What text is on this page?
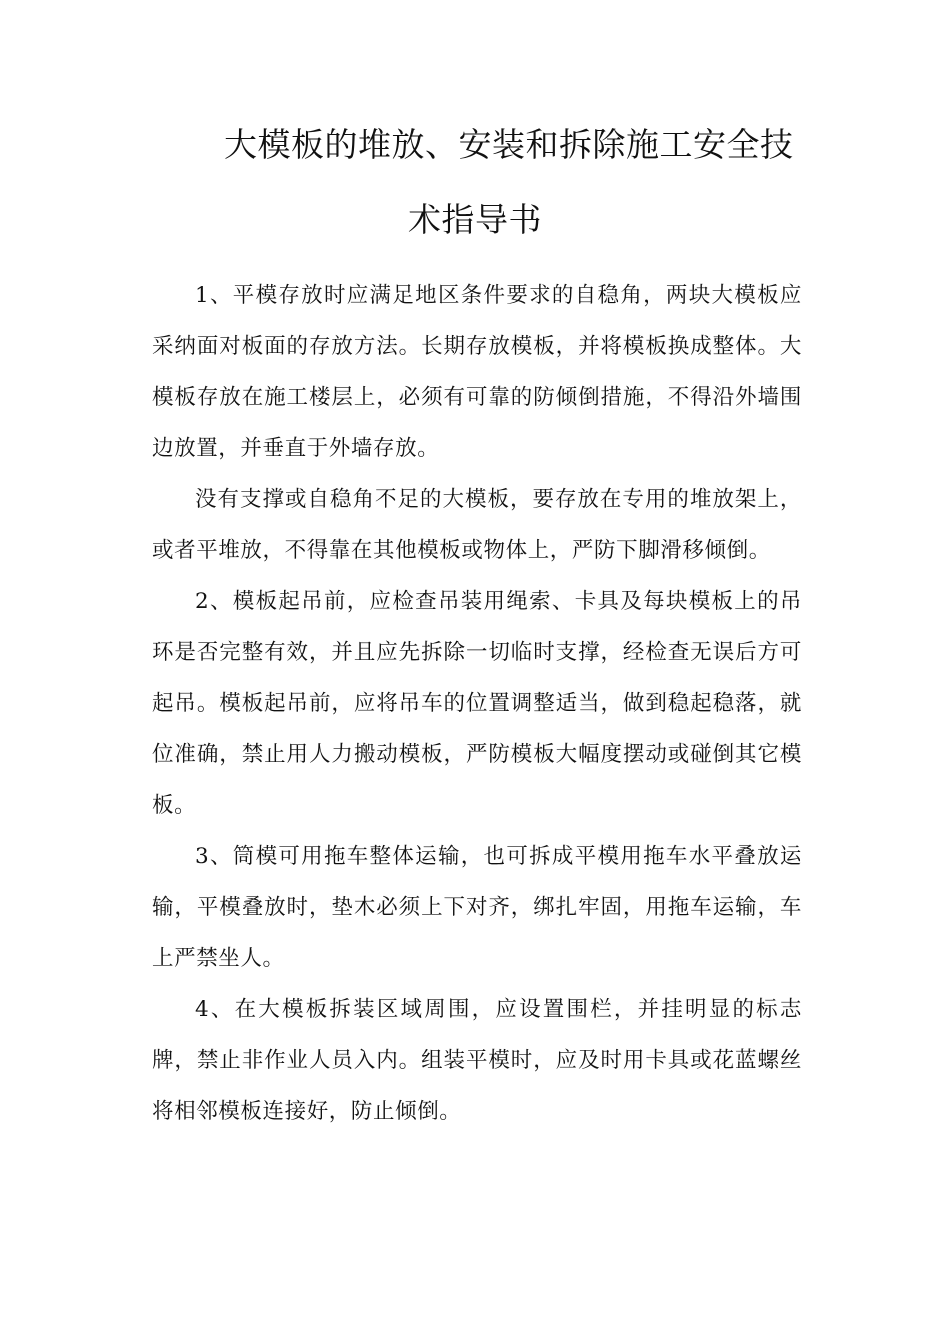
大模板的堆放、安装和拆除施工安全技
术指导书

1、平模存放时应满足地区条件要求的自稳角，两块大模板应采纳面对板面的存放方法。长期存放模板，并将模板换成整体。大模板存放在施工楼层上，必须有可靠的防倾倒措施，不得沿外墙围边放置，并垂直于外墙存放。

没有支撑或自稳角不足的大模板，要存放在专用的堆放架上，或者平堆放，不得靠在其他模板或物体上，严防下脚滑移倾倒。

2、模板起吊前，应检查吊装用绳索、卡具及每块模板上的吊环是否完整有效，并且应先拆除一切临时支撑，经检查无误后方可起吊。模板起吊前，应将吊车的位置调整适当，做到稳起稳落，就位准确，禁止用人力搬动模板，严防模板大幅度摆动或碰倒其它模板。

3、筒模可用拖车整体运输，也可拆成平模用拖车水平叠放运输，平模叠放时，垫木必须上下对齐，绑扎牢固，用拖车运输，车上严禁坐人。

4、在大模板拆装区域周围，应设置围栏，并挂明显的标志牌，禁止非作业人员入内。组装平模时，应及时用卡具或花蓝螺丝将相邻模板连接好，防止倾倒。
